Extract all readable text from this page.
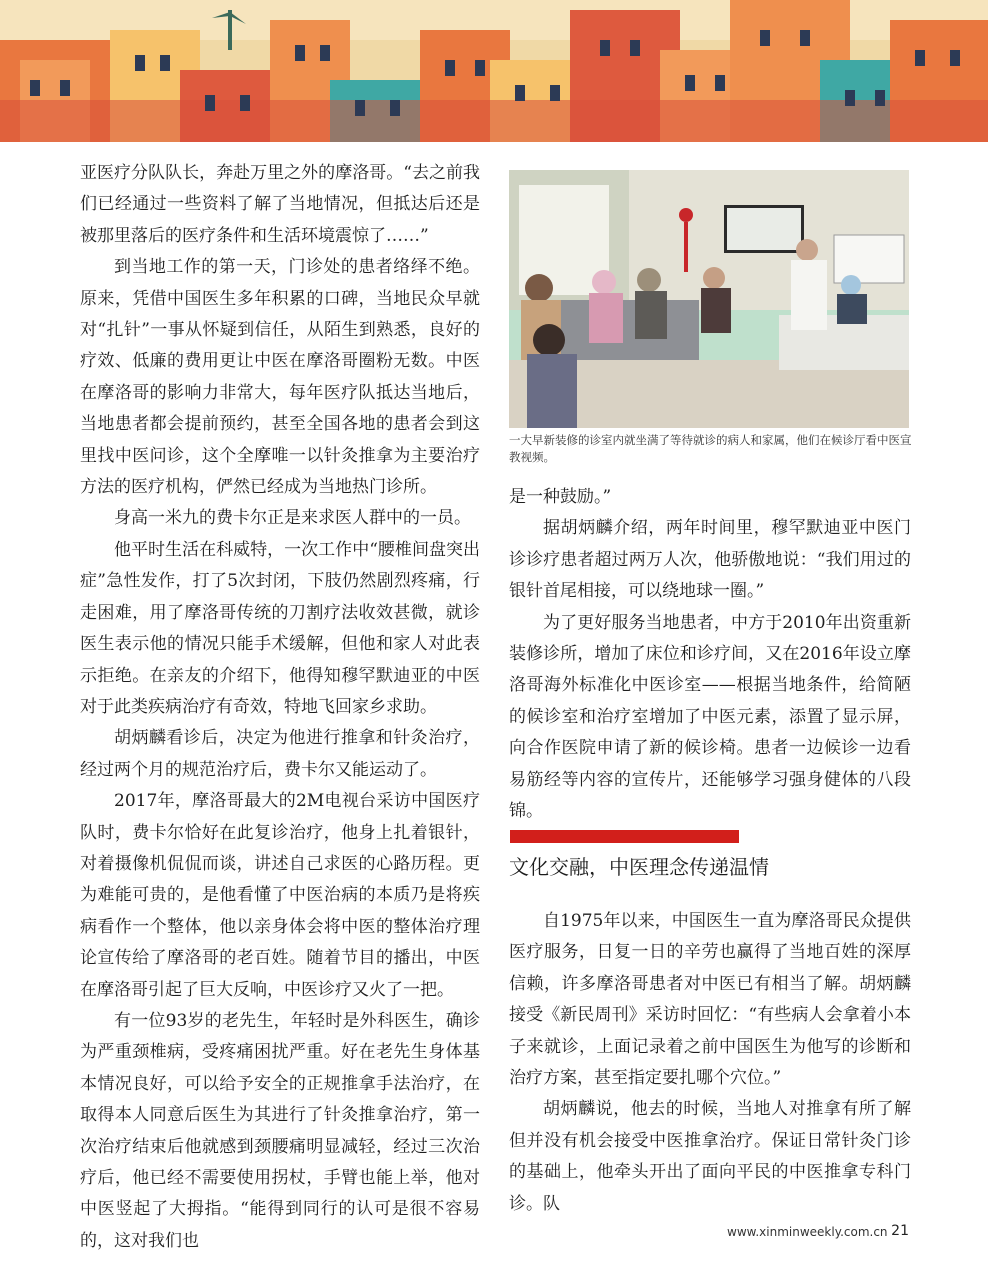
亚医疗分队队长，奔赴万里之外的摩洛哥。“去之前我们已经通过一些资料了解了当地情况，但抵达后还是被那里落后的医疗条件和生活环境震惊了……”

到当地工作的第一天，门诊处的患者络绎不绝。原来，凭借中国医生多年积累的口碑，当地民众早就对“扎针”一事从怀疑到信任，从陌生到熟悉，良好的疗效、低廉的费用更让中医在摩洛哥圈粉无数。中医在摩洛哥的影响力非常大，每年医疗队抵达当地后，当地患者都会提前预约，甚至全国各地的患者会到这里找中医问诊，这个全摩唯一以针灸推拿为主要治疗方法的医疗机构，俨然已经成为当地热门诊所。

身高一米九的费卡尔正是来求医人群中的一员。

他平时生活在科威特，一次工作中“腰椎间盘突出症”急性发作，打了5次封闭，下肢仍然剧烈疼痛，行走困难，用了摩洛哥传统的刀割疗法收效甚微，就诊医生表示他的情况只能手术缓解，但他和家人对此表示拒绝。在亲友的介绍下，他得知穆罕默迪亚的中医对于此类疾病治疗有奇效，特地飞回家乡求助。

胡炳麟看诊后，决定为他进行推拿和针灸治疗，经过两个月的规范治疗后，费卡尔又能运动了。

2017年，摩洛哥最大的2M电视台采访中国医疗队时，费卡尔恰好在此复诊治疗，他身上扎着银针，对着摄像机侃侃而谈，讲述自己求医的心路历程。更为难能可贵的，是他看懂了中医治病的本质乃是将疾病看作一个整体，他以亲身体会将中医的整体治疗理论宣传给了摩洛哥的老百姓。随着节目的播出，中医在摩洛哥引起了巨大反响，中医诊疗又火了一把。

有一位93岁的老先生，年轻时是外科医生，确诊为严重颈椎病，受疼痛困扰严重。好在老先生身体基本情况良好，可以给予安全的正规推拿手法治疗，在取得本人同意后医生为其进行了针灸推拿治疗，第一次治疗结束后他就感到颈腰痛明显减轻，经过三次治疗后，他已经不需要使用拐杖，手臂也能上举，他对中医竖起了大拇指。“能得到同行的认可是很不容易的，这对我们也

一大早新装修的诊室内就坐满了等待就诊的病人和家属，他们在候诊厅看中医宣教视频。

是一种鼓励。”

据胡炳麟介绍，两年时间里，穆罕默迪亚中医门诊诊疗患者超过两万人次，他骄傲地说：“我们用过的银针首尾相接，可以绕地球一圈。”

为了更好服务当地患者，中方于2010年出资重新装修诊所，增加了床位和诊疗间，又在2016年设立摩洛哥海外标准化中医诊室——根据当地条件，给简陋的候诊室和治疗室增加了中医元素，添置了显示屏，向合作医院申请了新的候诊椅。患者一边候诊一边看易筋经等内容的宣传片，还能够学习强身健体的八段锦。

文化交融，中医理念传递温情

自1975年以来，中国医生一直为摩洛哥民众提供医疗服务，日复一日的辛劳也赢得了当地百姓的深厚信赖，许多摩洛哥患者对中医已有相当了解。胡炳麟接受《新民周刊》采访时回忆：“有些病人会拿着小本子来就诊，上面记录着之前中国医生为他写的诊断和治疗方案，甚至指定要扎哪个穴位。”

胡炳麟说，他去的时候，当地人对推拿有所了解但并没有机会接受中医推拿治疗。保证日常针灸门诊的基础上，他牵头开出了面向平民的中医推拿专科门诊。队

www.xinminweekly.com.cn 21
